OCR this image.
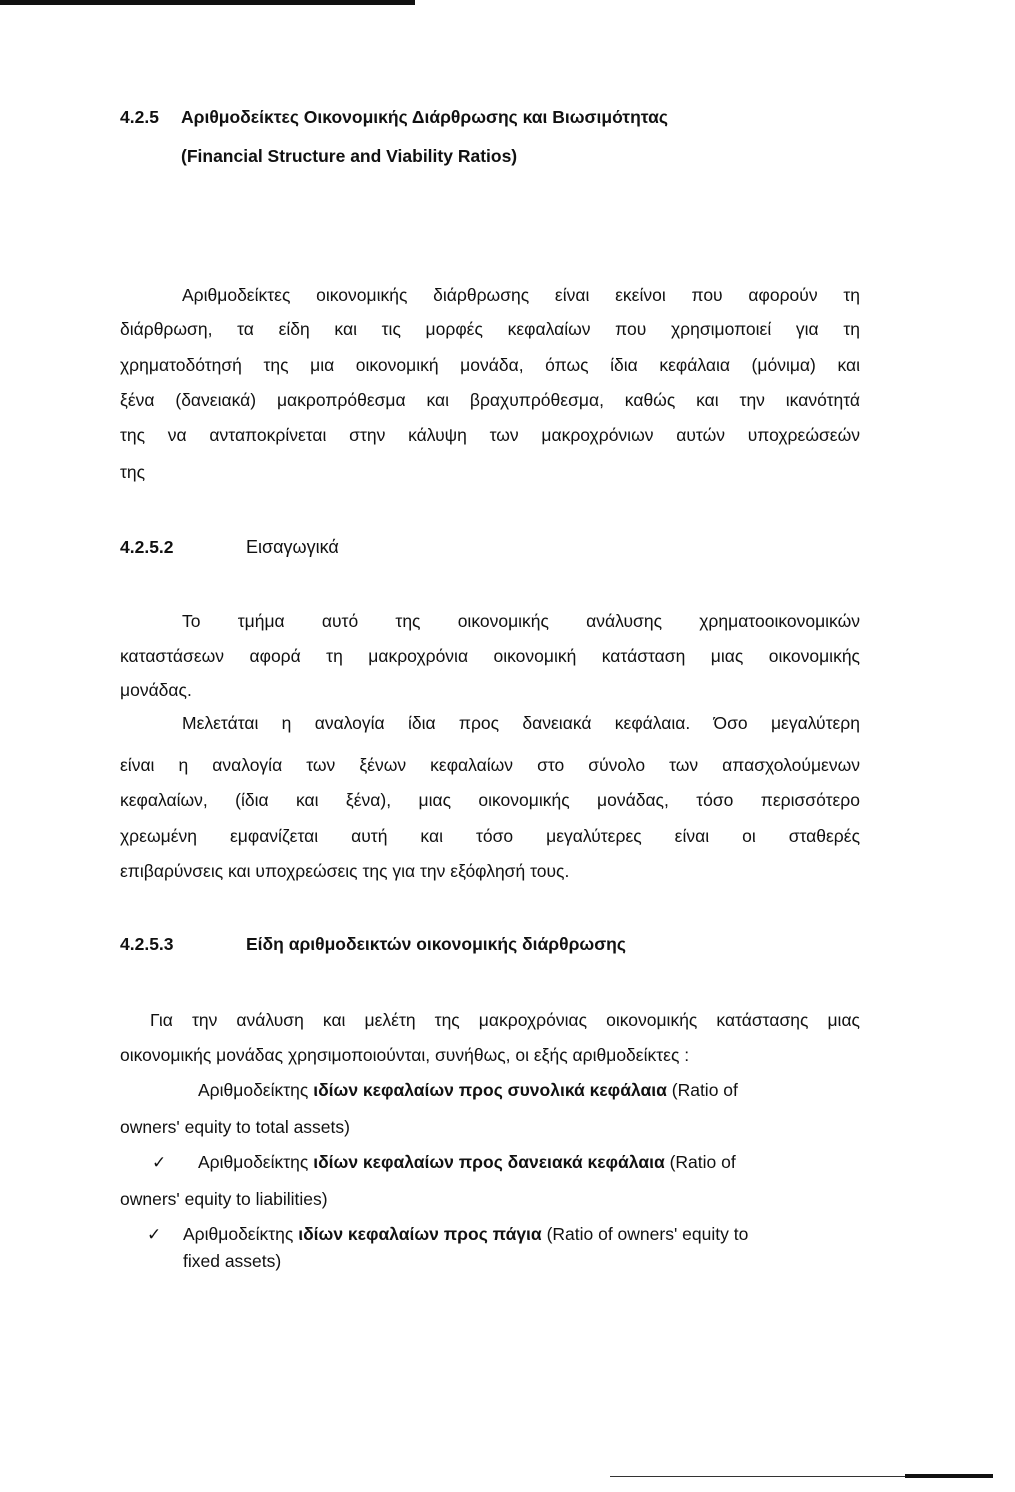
4.2.5 Αριθμοδείκτες Οικονομικής Διάρθρωσης και Βιωσιμότητας
(Financial Structure and Viability Ratios)
Αριθμοδείκτες οικονομικής διάρθρωσης είναι εκείνοι που αφορούν τη
διάρθρωση, τα είδη και τις μορφές κεφαλαίων που χρησιμοποιεί για τη
χρηματοδότησή της μια οικονομική μονάδα, όπως ίδια κεφάλαια (μόνιμα) και
ξένα (δανειακά) μακροπρόθεσμα και βραχυπρόθεσμα, καθώς και την ικανότητά
της να ανταποκρίνεται στην κάλυψη των μακροχρόνιων αυτών υποχρεώσεών
της
4.2.5.2	Εισαγωγικά
Το τμήμα αυτό της οικονομικής ανάλυσης χρηματοοικονομικών
καταστάσεων αφορά τη μακροχρόνια οικονομική κατάσταση μιας οικονομικής
μονάδας.
Μελετάται η αναλογία ίδια προς δανειακά κεφάλαια. Όσο μεγαλύτερη
είναι η αναλογία των ξένων κεφαλαίων στο σύνολο των απασχολούμενων
κεφαλαίων, (ίδια και ξένα), μιας οικονομικής μονάδας, τόσο περισσότερο
χρεωμένη εμφανίζεται αυτή και τόσο μεγαλύτερες είναι οι σταθερές
επιβαρύνσεις και υποχρεώσεις της για την εξόφλησή τους.
4.2.5.3	Είδη αριθμοδεικτών οικονομικής διάρθρωσης
Για την ανάλυση και μελέτη της μακροχρόνιας οικονομικής κατάστασης μιας
οικονομικής μονάδας χρησιμοποιούνται, συνήθως, οι εξής αριθμοδείκτες :
Αριθμοδείκτης ιδίων κεφαλαίων προς συνολικά κεφάλαια (Ratio of
owners' equity to total assets)
✓ Αριθμοδείκτης ιδίων κεφαλαίων προς δανειακά κεφάλαια (Ratio of
owners' equity to liabilities)
✓ Αριθμοδείκτης ιδίων κεφαλαίων προς πάγια (Ratio of owners' equity to
fixed assets)
